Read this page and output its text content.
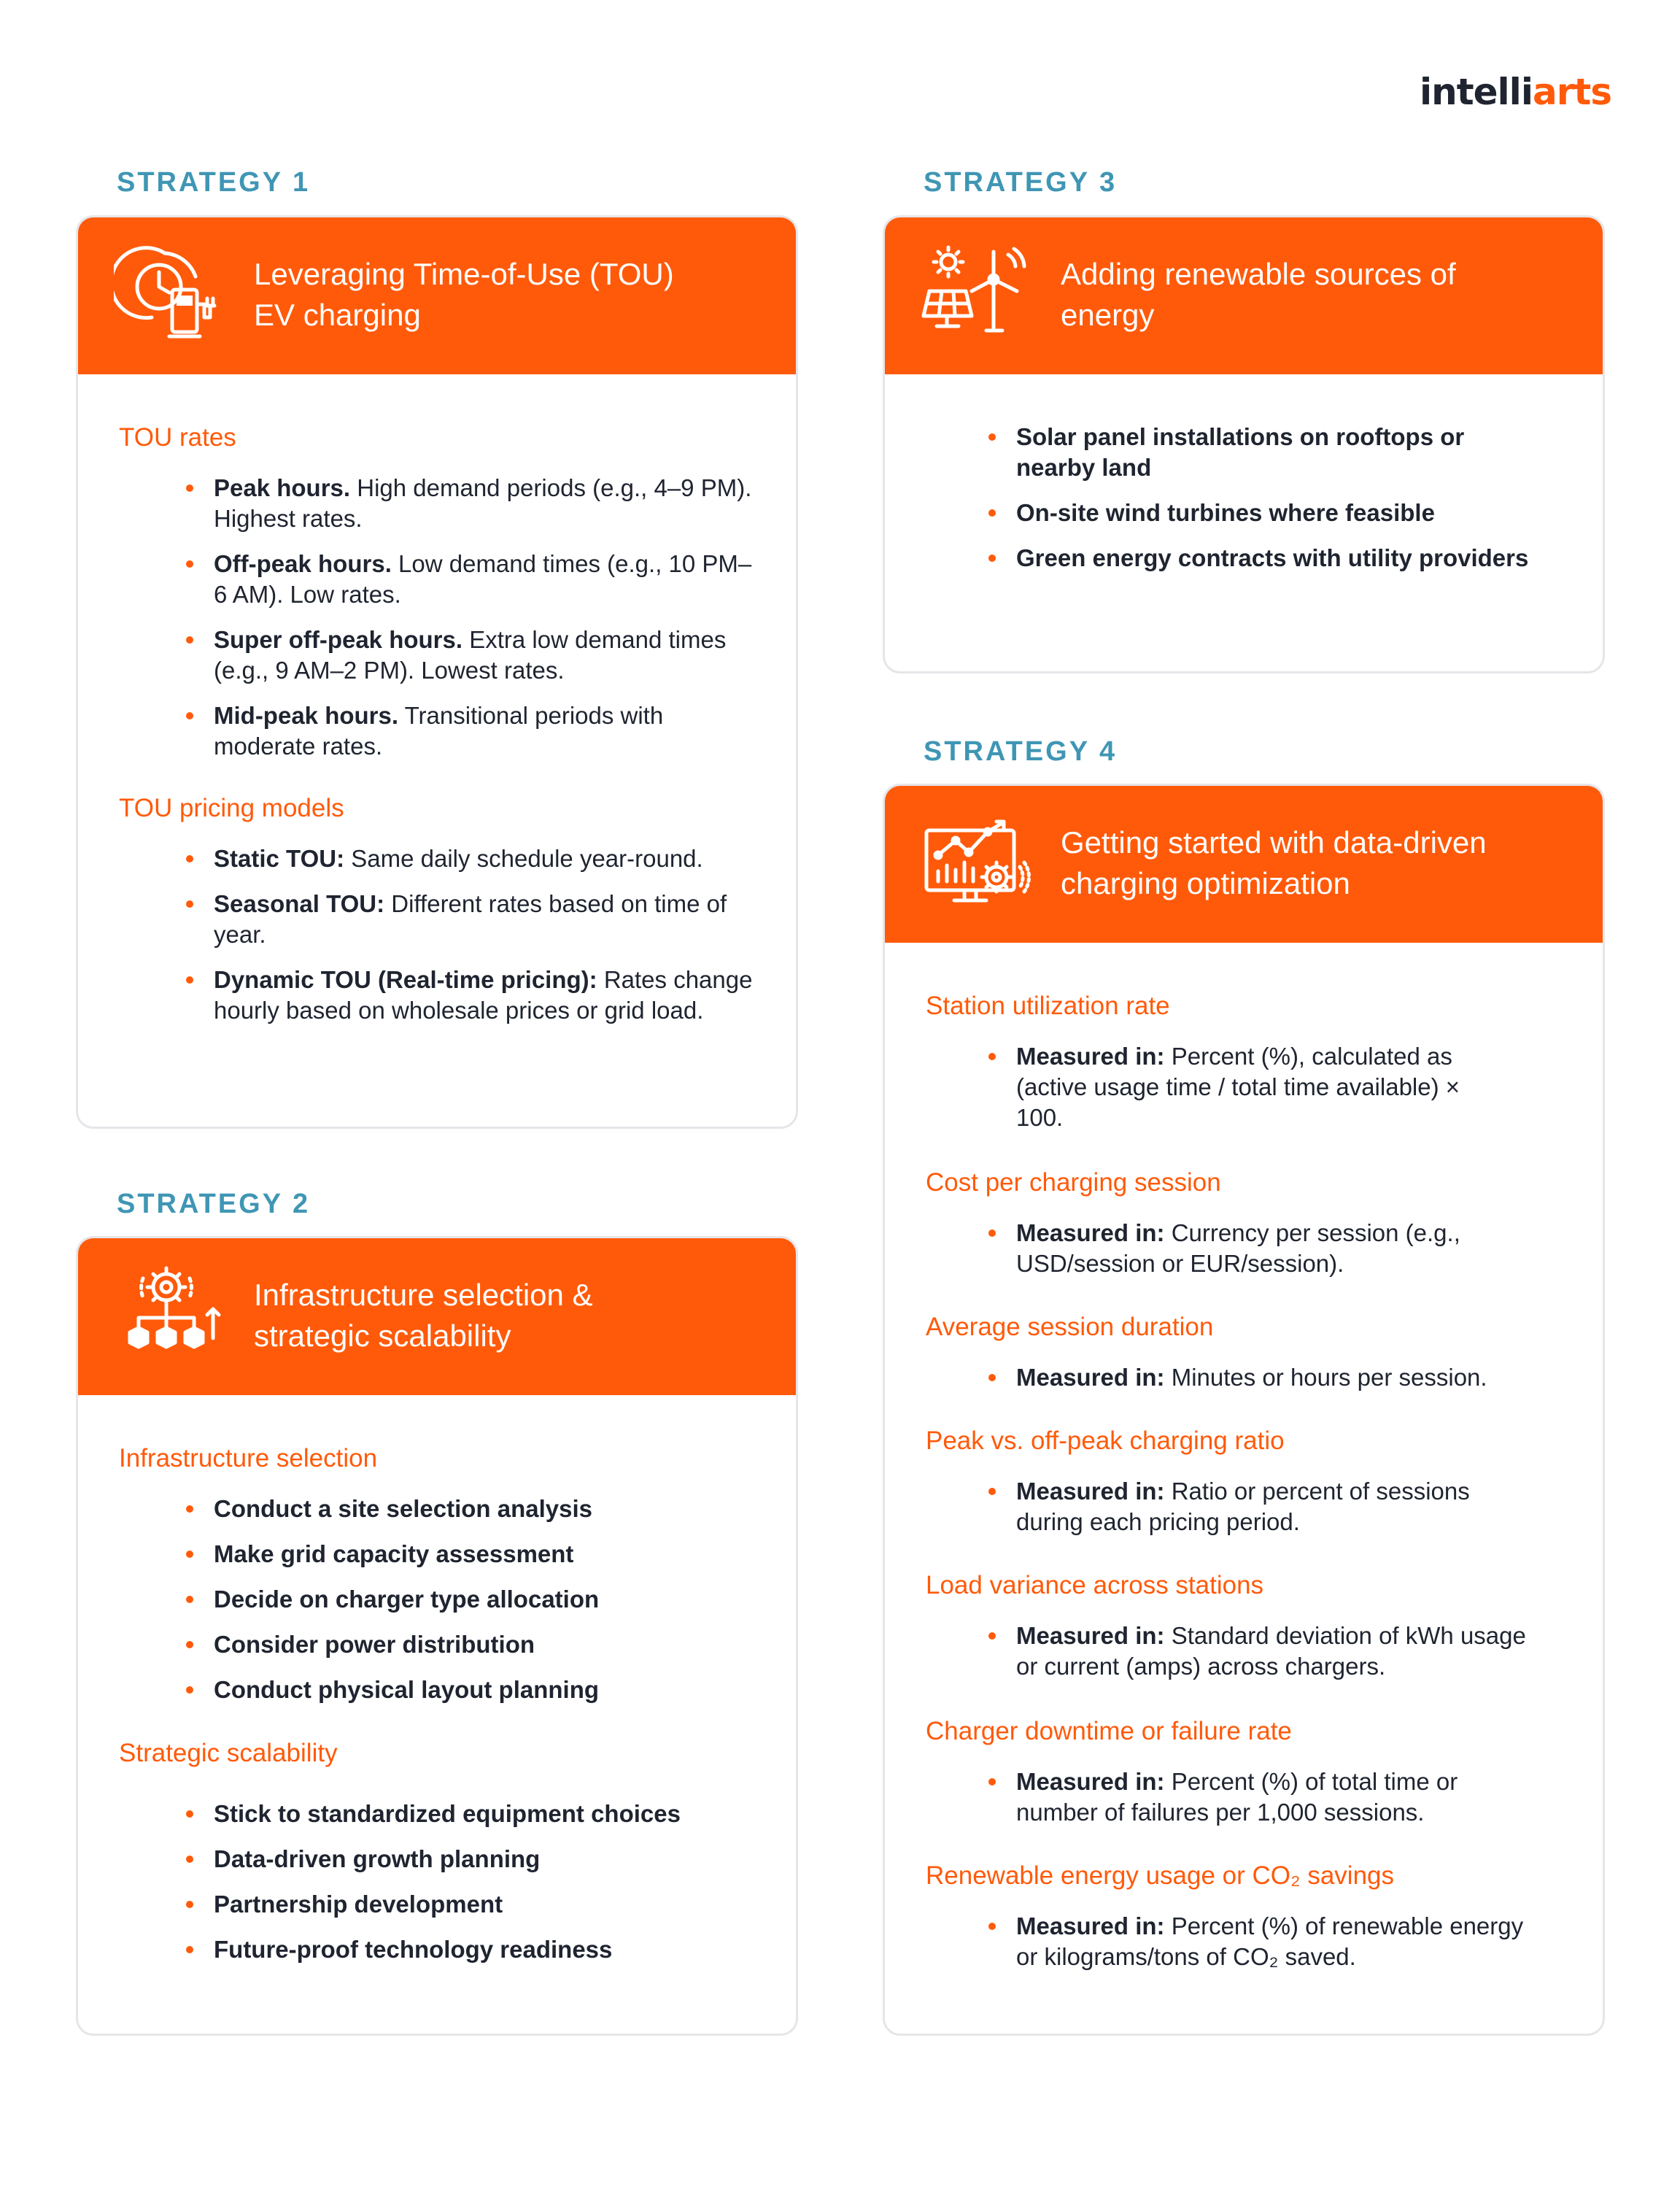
intelliarts
STRATEGY 1
Leveraging Time-of-Use (TOU) EV charging
TOU rates
Peak hours. High demand periods (e.g., 4–9 PM). Highest rates.
Off-peak hours. Low demand times (e.g., 10 PM–6 AM). Low rates.
Super off-peak hours. Extra low demand times (e.g., 9 AM–2 PM). Lowest rates.
Mid-peak hours. Transitional periods with moderate rates.
TOU pricing models
Static TOU: Same daily schedule year-round.
Seasonal TOU: Different rates based on time of year.
Dynamic TOU (Real-time pricing): Rates change hourly based on wholesale prices or grid load.
STRATEGY 2
Infrastructure selection & strategic scalability
Infrastructure selection
Conduct a site selection analysis
Make grid capacity assessment
Decide on charger type allocation
Consider power distribution
Conduct physical layout planning
Strategic scalability
Stick to standardized equipment choices
Data-driven growth planning
Partnership development
Future-proof technology readiness
STRATEGY 3
Adding renewable sources of energy
Solar panel installations on rooftops or nearby land
On-site wind turbines where feasible
Green energy contracts with utility providers
STRATEGY 4
Getting started with data-driven charging optimization
Station utilization rate
Measured in: Percent (%), calculated as (active usage time / total time available) × 100.
Cost per charging session
Measured in: Currency per session (e.g., USD/session or EUR/session).
Average session duration
Measured in: Minutes or hours per session.
Peak vs. off-peak charging ratio
Measured in: Ratio or percent of sessions during each pricing period.
Load variance across stations
Measured in: Standard deviation of kWh usage or current (amps) across chargers.
Charger downtime or failure rate
Measured in: Percent (%) of total time or number of failures per 1,000 sessions.
Renewable energy usage or CO₂ savings
Measured in: Percent (%) of renewable energy or kilograms/tons of CO₂ saved.
